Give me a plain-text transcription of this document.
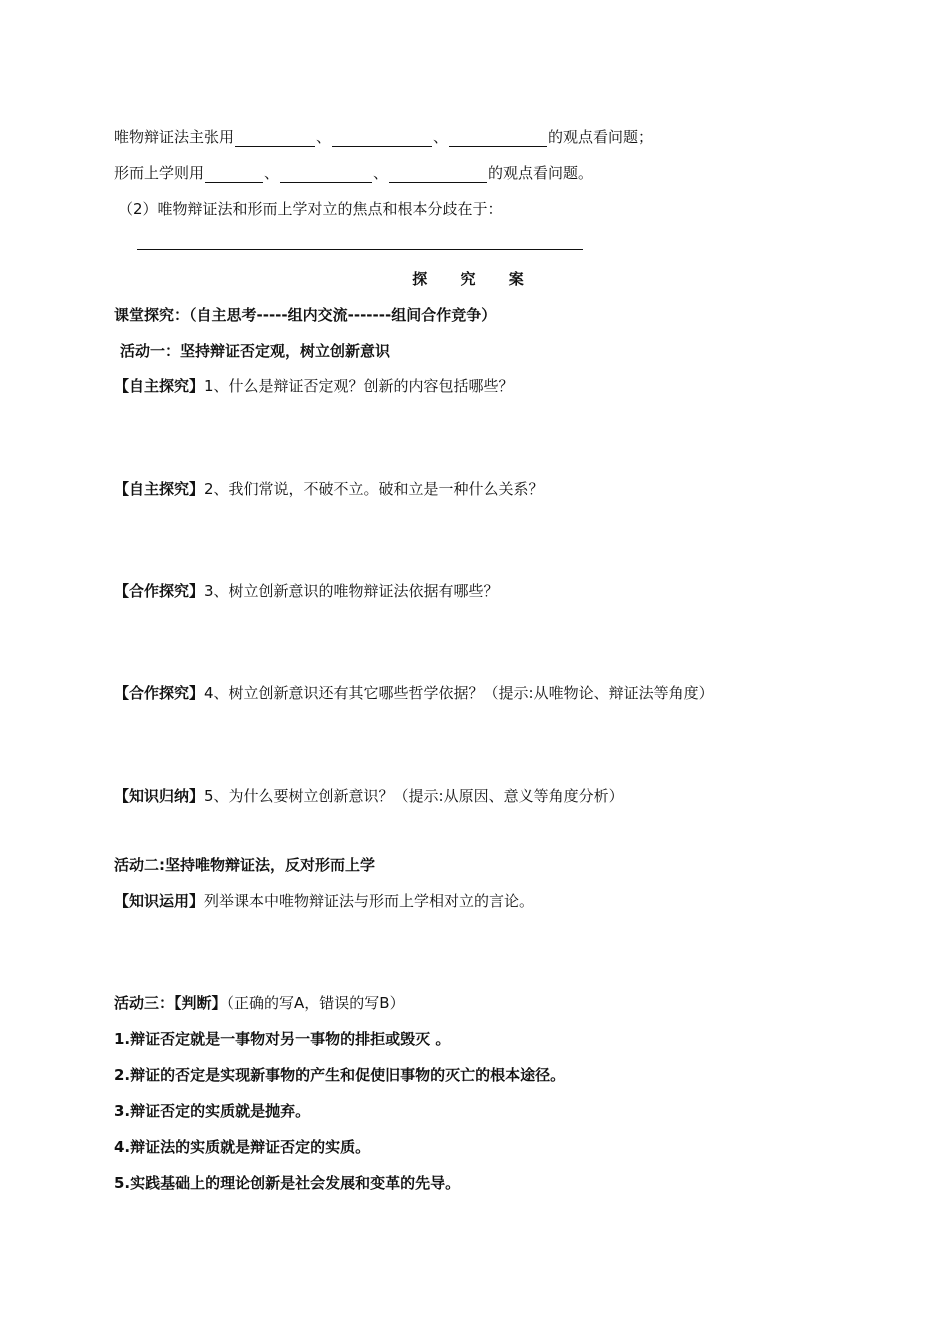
唯物辩证法主张用	、	、	的观点看问题；
形而上学则用	、	、	的观点看问题。
（2）唯物辩证法和形而上学对立的焦点和根本分歧在于：
探 究 案
课堂探究：（自主思考-----组内交流-------组间合作竞争）
活动一：坚持辩证否定观，树立创新意识
【自主探究】1、什么是辩证否定观？创新的内容包括哪些？
【自主探究】2、我们常说，不破不立。破和立是一种什么关系？
【合作探究】3、树立创新意识的唯物辩证法依据有哪些？
【合作探究】4、树立创新意识还有其它哪些哲学依据？（提示:从唯物论、辩证法等角度）
【知识归纳】5、为什么要树立创新意识？（提示:从原因、意义等角度分析）
活动二:坚持唯物辩证法，反对形而上学
【知识运用】列举课本中唯物辩证法与形而上学相对立的言论。
活动三：【判断】（正确的写A，错误的写B）
1.辩证否定就是一事物对另一事物的排拒或毁灭 。
2.辩证的否定是实现新事物的产生和促使旧事物的灭亡的根本途径。
3.辩证否定的实质就是抛弃。
4.辩证法的实质就是辩证否定的实质。
5.实践基础上的理论创新是社会发展和变革的先导。
